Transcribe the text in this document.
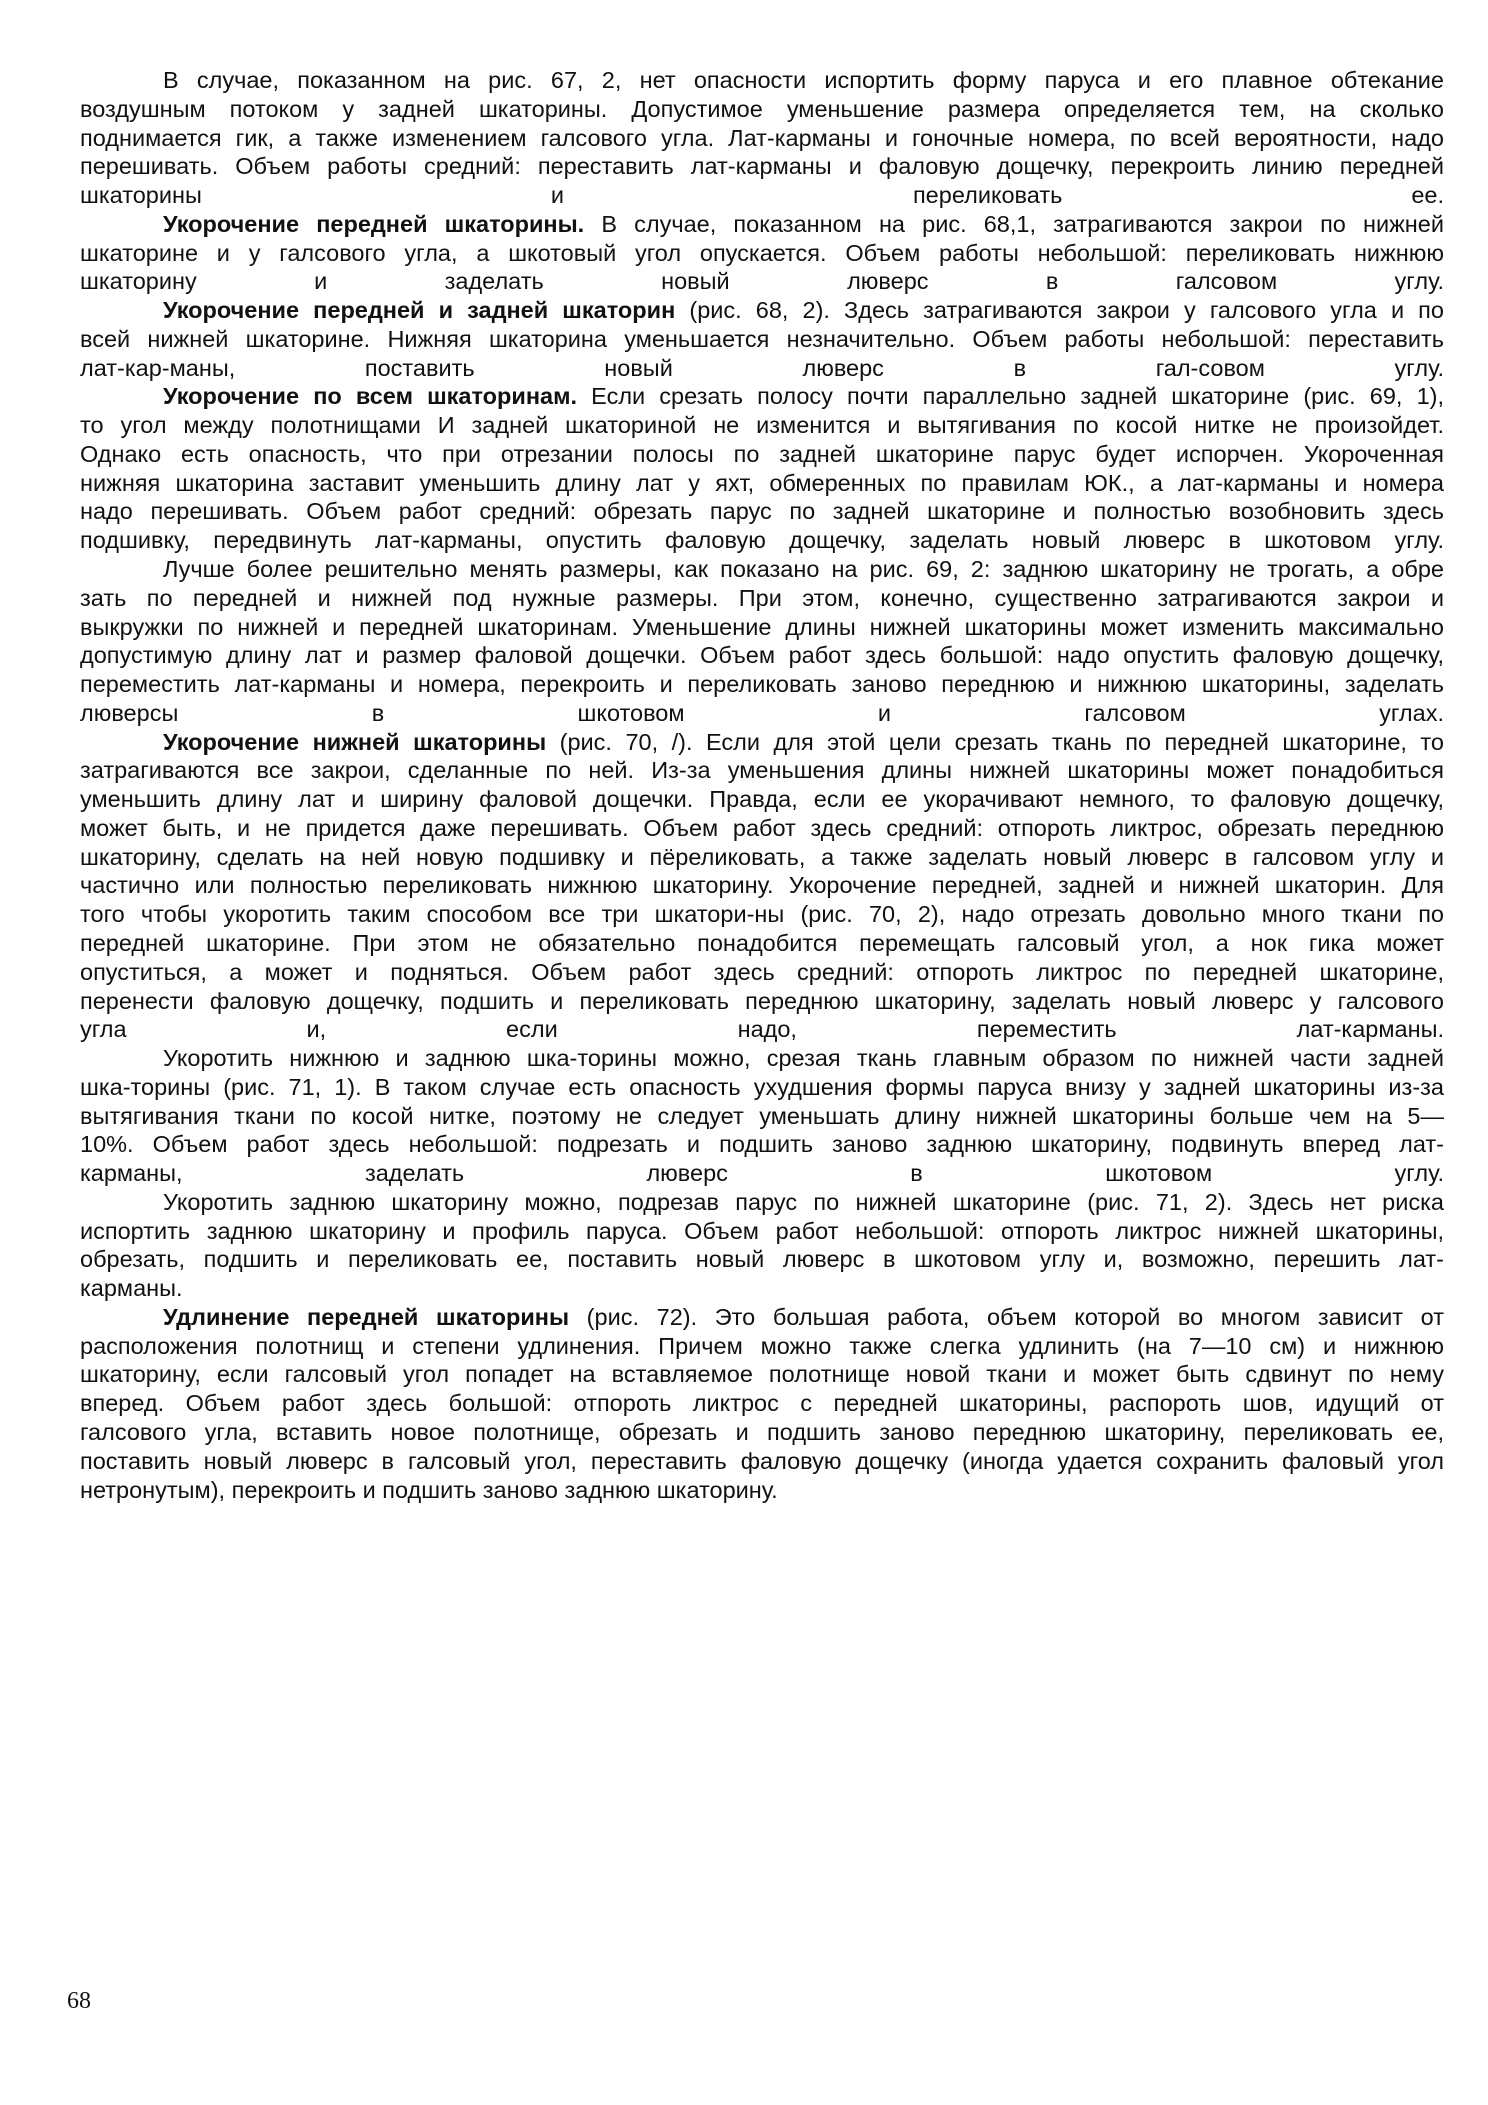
В случае, показанном на рис. 67, 2, нет опасности испортить форму паруса и его плавное обтекание
воздушным потоком у задней шкаторины. Допустимое уменьшение размера определяется тем, на сколько
поднимается гик, а также изменением галсового угла. Лат-карманы и гоночные номера, по всей вероятности, надо
перешивать. Объем работы средний: переставить лат-карманы и фаловую дощечку, перекроить линию передней
шкаторины и переликовать ее.
Укорочение передней шкаторины. В случае, показанном на рис. 68,1, затрагиваются закрои по нижней
шкаторине и у галсового угла, а шкотовый угол опускается. Объем работы небольшой: переликовать нижнюю
шкаторину и заделать новый люверс в галсовом углу.
Укорочение передней и задней шкаторин (рис. 68, 2). Здесь затрагиваются закрои у галсового угла и по
всей нижней шкаторине. Нижняя шкаторина уменьшается незначительно. Объем работы небольшой: переставить
лат-кар-маны, поставить новый люверс в гал-совом углу.
Укорочение по всем шкаторинам. Если срезать полосу почти параллельно задней шкаторине (рис. 69, 1),
то угол между полотнищами И задней шкаториной не изменится и вытягивания по косой нитке не произойдет.
Однако есть опасность, что при отрезании полосы по задней шкаторине парус будет испорчен. Укороченная
нижняя шкаторина заставит уменьшить длину лат у яхт, обмеренных по правилам ЮК., а лат-карманы и номера
надо перешивать. Объем работ средний: обрезать парус по задней шкаторине и полностью возобновить здесь
подшивку, передвинуть лат-карманы, опустить фаловую дощечку, заделать новый люверс в шкотовом углу.
Лучше более решительно менять размеры, как показано на рис. 69, 2: заднюю шкаторину не трогать, а обре
зать по передней и нижней под нужные размеры. При этом, конечно, существенно затрагиваются закрои и
выкружки по нижней и передней шкаторинам. Уменьшение длины нижней шкаторины может изменить максимально
допустимую длину лат и размер фаловой дощечки. Объем работ здесь большой: надо опустить фаловую дощечку,
переместить лат-карманы и номера, перекроить и переликовать заново переднюю и нижнюю шкаторины, заделать
люверсы в шкотовом и галсовом углах.
Укорочение нижней шкаторины (рис. 70, /). Если для этой цели срезать ткань по передней шкаторине, то
затрагиваются все закрои, сделанные по ней. Из-за уменьшения длины нижней шкаторины может понадобиться
уменьшить длину лат и ширину фаловой дощечки. Правда, если ее укорачивают немного, то фаловую дощечку,
может быть, и не придется даже перешивать. Объем работ здесь средний: отпороть ликтрос, обрезать переднюю
шкаторину, сделать на ней новую подшивку и пёреликовать, а также заделать новый люверс в галсовом углу и
частично или полностью переликовать нижнюю шкаторину. Укорочение передней, задней и нижней шкаторин. Для
того чтобы укоротить таким способом все три шкатори-ны (рис. 70, 2), надо отрезать довольно много ткани по
передней шкаторине. При этом не обязательно понадобится перемещать галсовый угол, а нок гика может
опуститься, а может и подняться. Объем работ здесь средний: отпороть ликтрос по передней шкаторине,
перенести фаловую дощечку, подшить и переликовать переднюю шкаторину, заделать новый люверс у галсового
угла и, если надо, переместить лат-карманы.
Укоротить нижнюю и заднюю шка-торины можно, срезая ткань главным образом по нижней части задней
шка-торины (рис. 71, 1). В таком случае есть опасность ухудшения формы паруса внизу у задней шкаторины из-за
вытягивания ткани по косой нитке, поэтому не следует уменьшать длину нижней шкаторины больше чем на 5—
10%. Объем работ здесь небольшой: подрезать и подшить заново заднюю шкаторину, подвинуть вперед лат-
карманы, заделать люверс в шкотовом углу.
Укоротить заднюю шкаторину можно, подрезав парус по нижней шкаторине (рис. 71, 2). Здесь нет риска
испортить заднюю шкаторину и профиль паруса. Объем работ небольшой: отпороть ликтрос нижней шкаторины,
обрезать, подшить и переликовать ее, поставить новый люверс в шкотовом углу и, возможно, перешить лат-
карманы.
Удлинение передней шкаторины (рис. 72). Это большая работа, объем которой во многом зависит от
расположения полотнищ и степени удлинения. Причем можно также слегка удлинить (на 7—10 см) и нижнюю
шкаторину, если галсовый угол попадет на вставляемое полотнище новой ткани и может быть сдвинут по нему
вперед. Объем работ здесь большой: отпороть ликтрос с передней шкаторины, распороть шов, идущий от
галсового угла, вставить новое полотнище, обрезать и подшить заново переднюю шкаторину, переликовать ее,
поставить новый люверс в галсовый угол, переставить фаловую дощечку (иногда удается сохранить фаловый угол
нетронутым), перекроить и подшить заново заднюю шкаторину.
68
